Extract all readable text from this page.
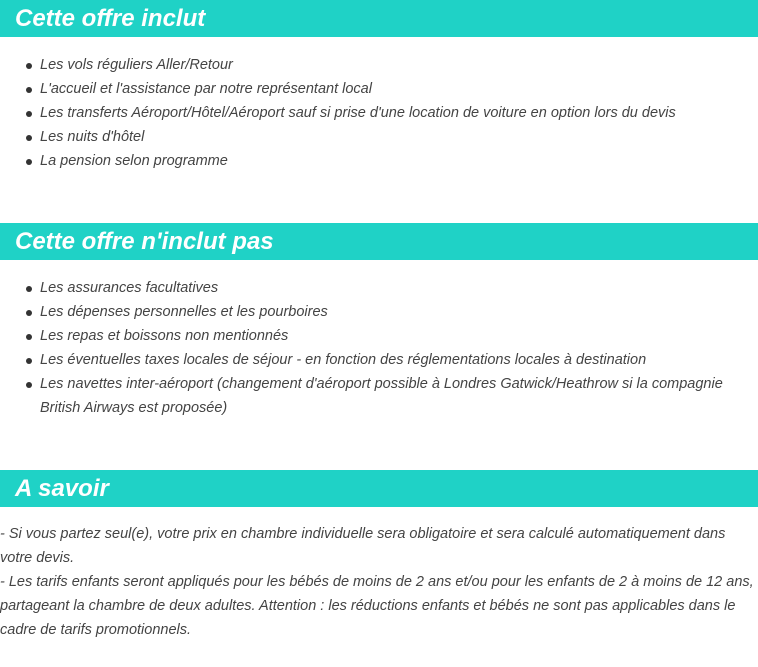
Cette offre inclut
Les vols réguliers Aller/Retour
L'accueil et l'assistance par notre représentant local
Les transferts Aéroport/Hôtel/Aéroport sauf si prise d'une location de voiture en option lors du devis
Les nuits d'hôtel
La pension selon programme
Cette offre n'inclut pas
Les assurances facultatives
Les dépenses personnelles et les pourboires
Les repas et boissons non mentionnés
Les éventuelles taxes locales de séjour - en fonction des réglementations locales à destination
Les navettes inter-aéroport (changement d'aéroport possible à Londres Gatwick/Heathrow si la compagnie British Airways est proposée)
A savoir

- Si vous partez seul(e), votre prix en chambre individuelle sera obligatoire et sera calculé automatiquement dans votre devis.

- Les tarifs enfants seront appliqués pour les bébés de moins de 2 ans et/ou pour les enfants de 2 à moins de 12 ans, partageant la chambre de deux adultes. Attention : les réductions enfants et bébés ne sont pas applicables dans le cadre de tarifs promotionnels.
